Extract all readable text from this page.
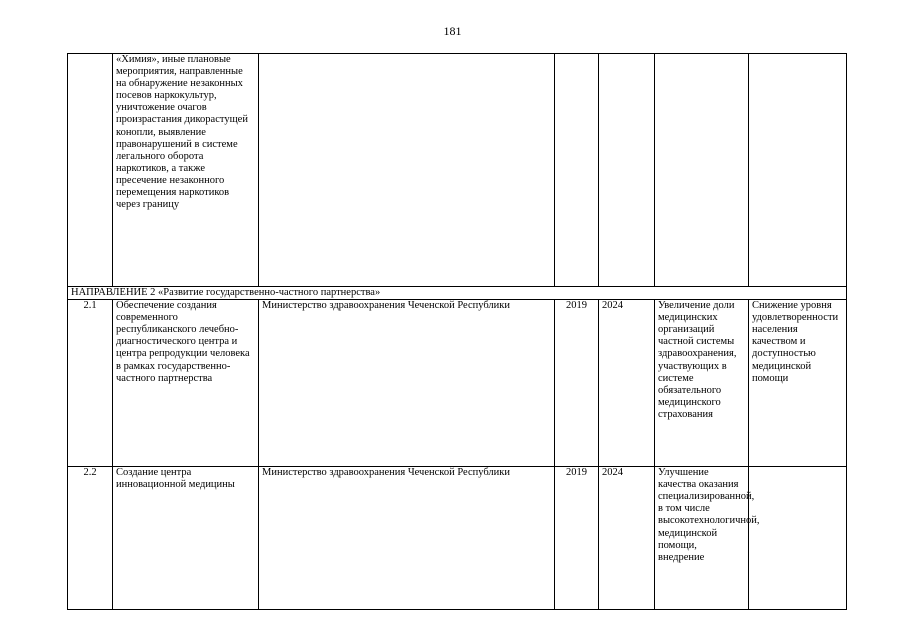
181
	«Химия», иные плановые мероприятия, направленные на обнаружение незаконных посевов наркокультур, уничтожение очагов произрастания дикорастущей конопли, выявление правонарушений в системе легального оборота наркотиков, а также пресечение незаконного перемещения наркотиков через границу					
НАПРАВЛЕНИЕ 2 «Развитие государственно-частного партнерства»						
2.1	Обеспечение создания современного республиканского лечебно-диагностического центра и центра репродукции человека в рамках государственно-частного партнерства	Министерство здравоохранения Чеченской Республики	2019	2024	Увеличение доли медицинских организаций частной системы здравоохранения, участвующих в системе обязательного медицинского страхования	Снижение уровня удовлетворенности населения качеством и доступностью медицинской помощи
2.2	Создание центра инновационной медицины	Министерство здравоохранения Чеченской Республики	2019	2024	Улучшение качества оказания специализированной, в том числе высокотехнологичной, медицинской помощи, внедрение	
